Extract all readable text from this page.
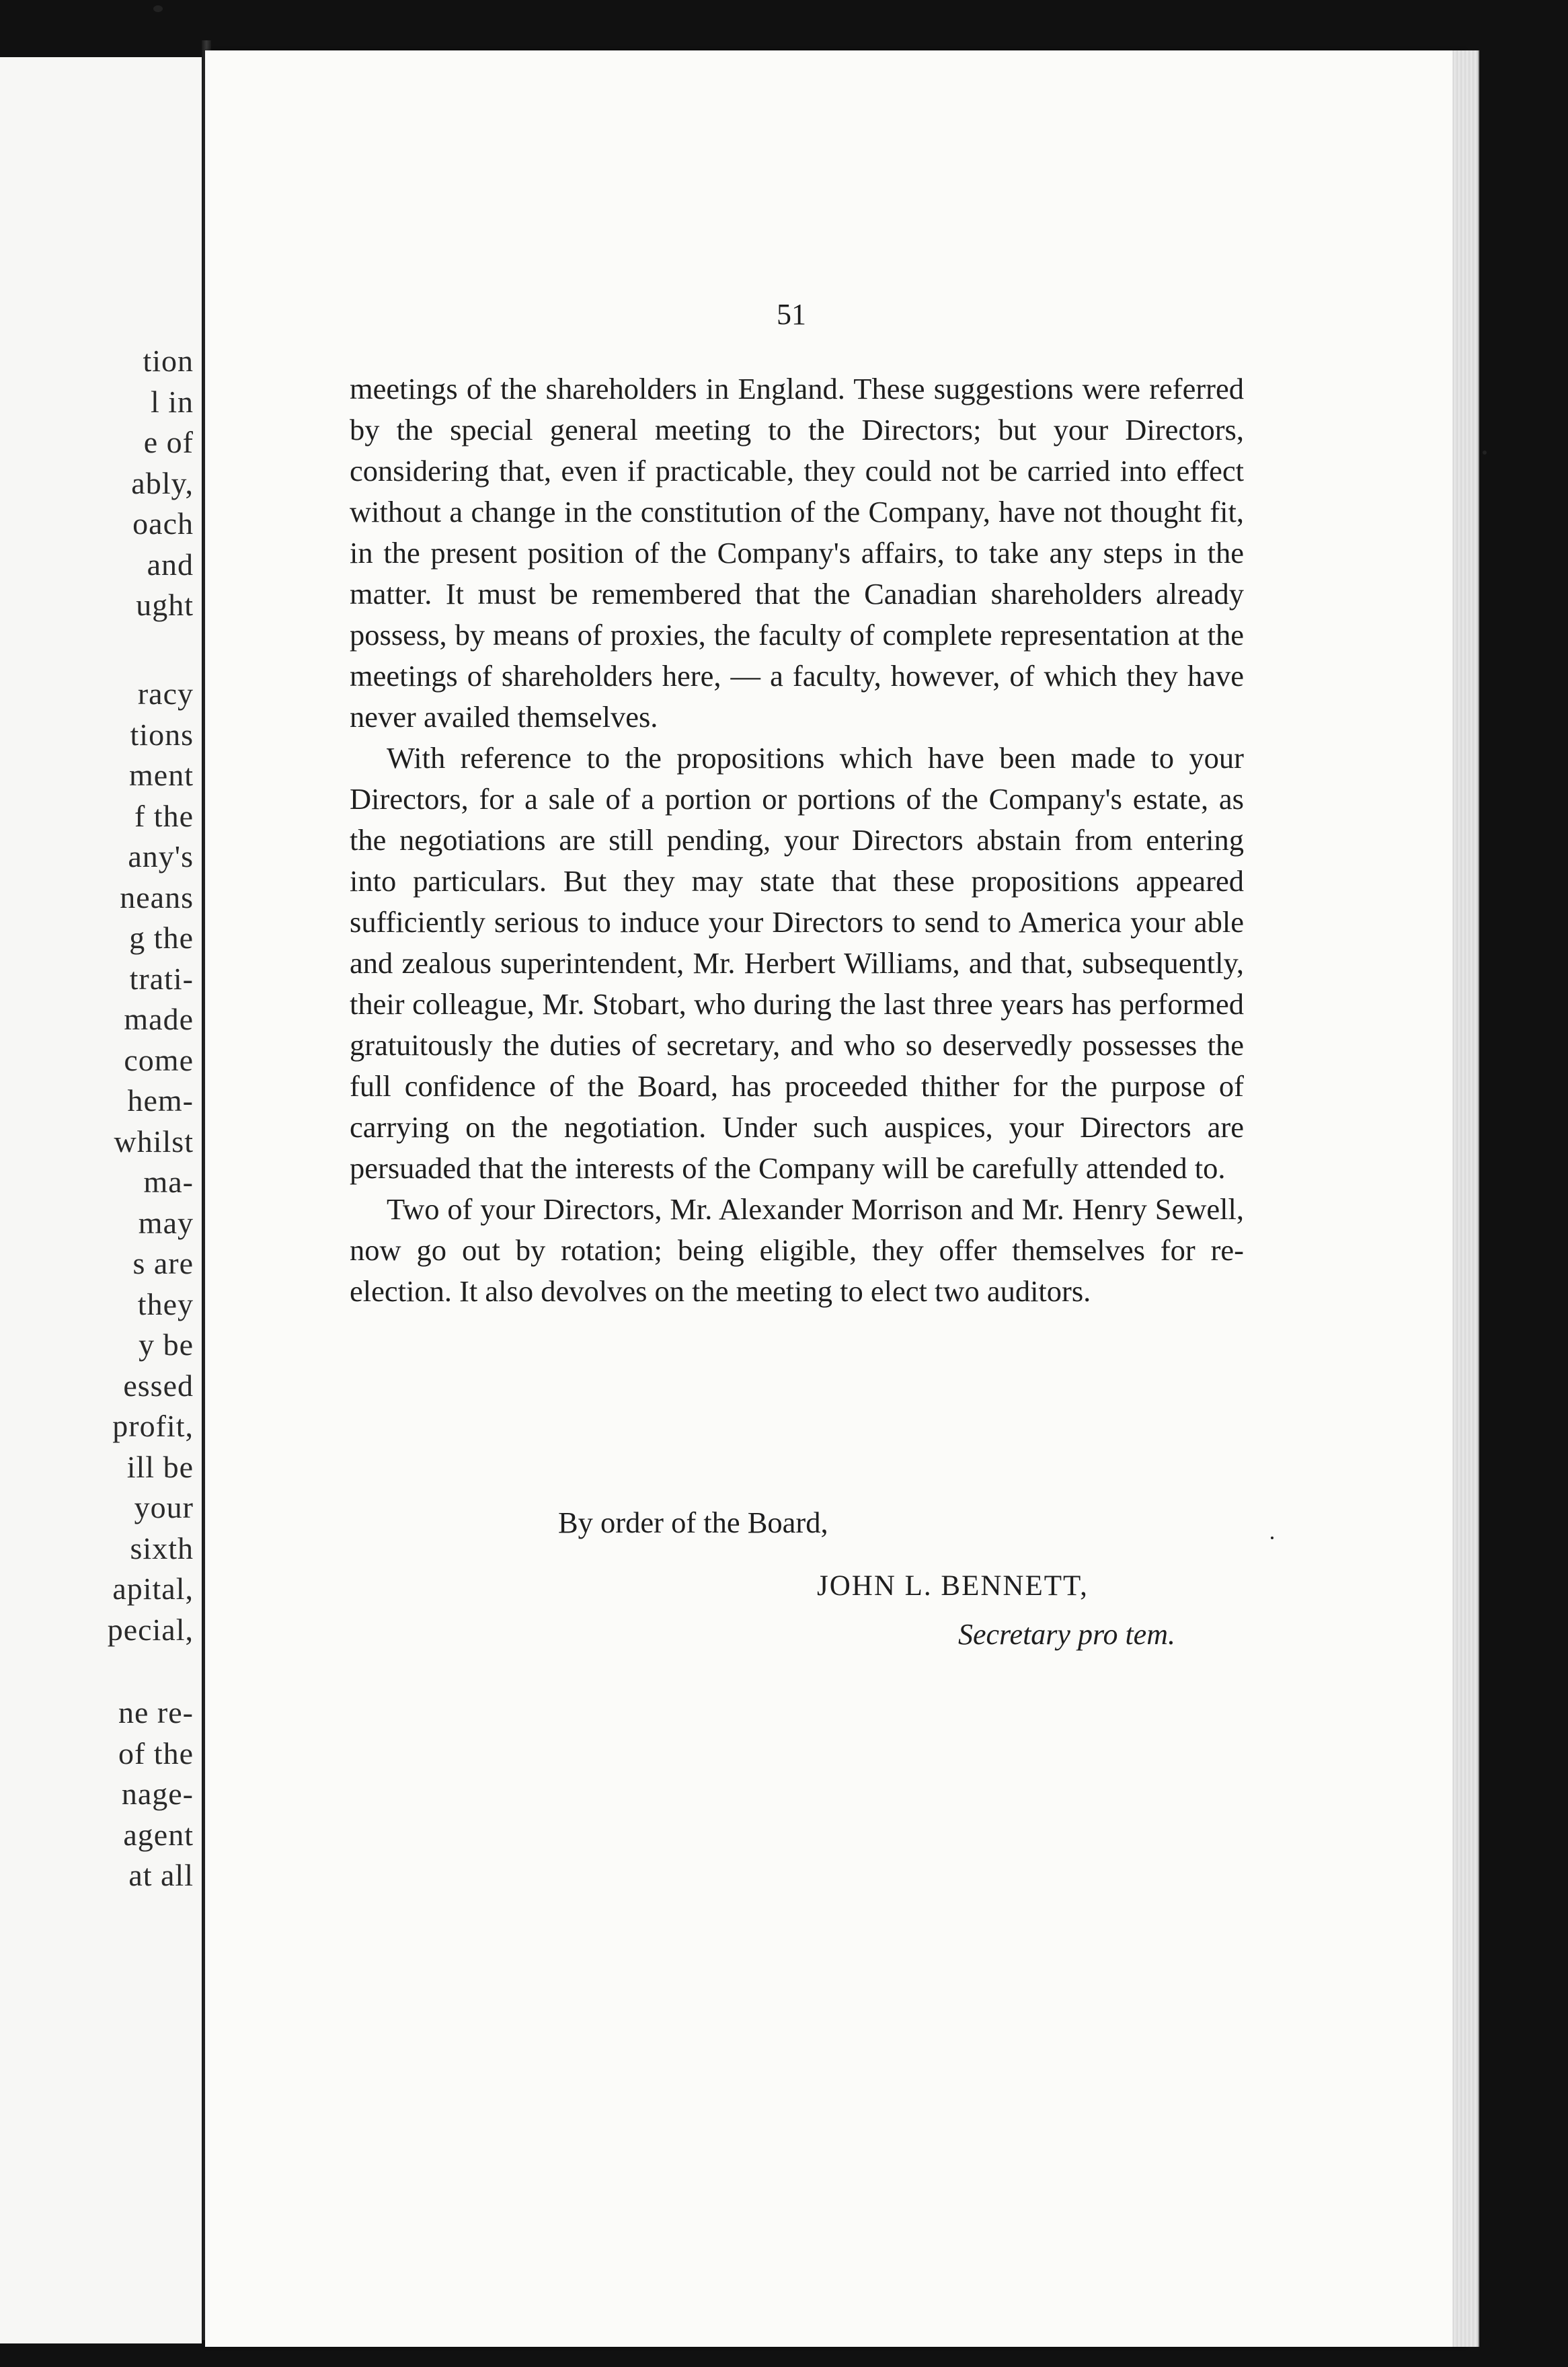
tion
l in
e of
ably,
oach
and
ught
racy
tions
ment
f the
any's
neans
g the
trati-
made
come
hem-
whilst
ma-
may
s are
they
y be
essed
profit,
ill be
your
sixth
apital,
pecial,
ne re-
of the
nage-
agent
at all
51

meetings of the shareholders in England. These suggestions were referred by the special general meeting to the Directors; but your Directors, considering that, even if practicable, they could not be carried into effect without a change in the constitution of the Company, have not thought fit, in the present position of the Company's affairs, to take any steps in the matter. It must be remembered that the Canadian shareholders already possess, by means of proxies, the faculty of complete representation at the meetings of shareholders here, — a faculty, however, of which they have never availed themselves.

With reference to the propositions which have been made to your Directors, for a sale of a portion or portions of the Company's estate, as the negotiations are still pending, your Directors abstain from entering into particulars. But they may state that these propositions appeared sufficiently serious to induce your Directors to send to America your able and zealous superintendent, Mr. Herbert Williams, and that, subsequently, their colleague, Mr. Stobart, who during the last three years has performed gratuitously the duties of secretary, and who so deservedly possesses the full confidence of the Board, has proceeded thither for the purpose of carrying on the negotiation. Under such auspices, your Directors are persuaded that the interests of the Company will be carefully attended to.

Two of your Directors, Mr. Alexander Morrison and Mr. Henry Sewell, now go out by rotation; being eligible, they offer themselves for re-election. It also devolves on the meeting to elect two auditors.

By order of the Board,
JOHN L. BENNETT,
Secretary pro tem.
